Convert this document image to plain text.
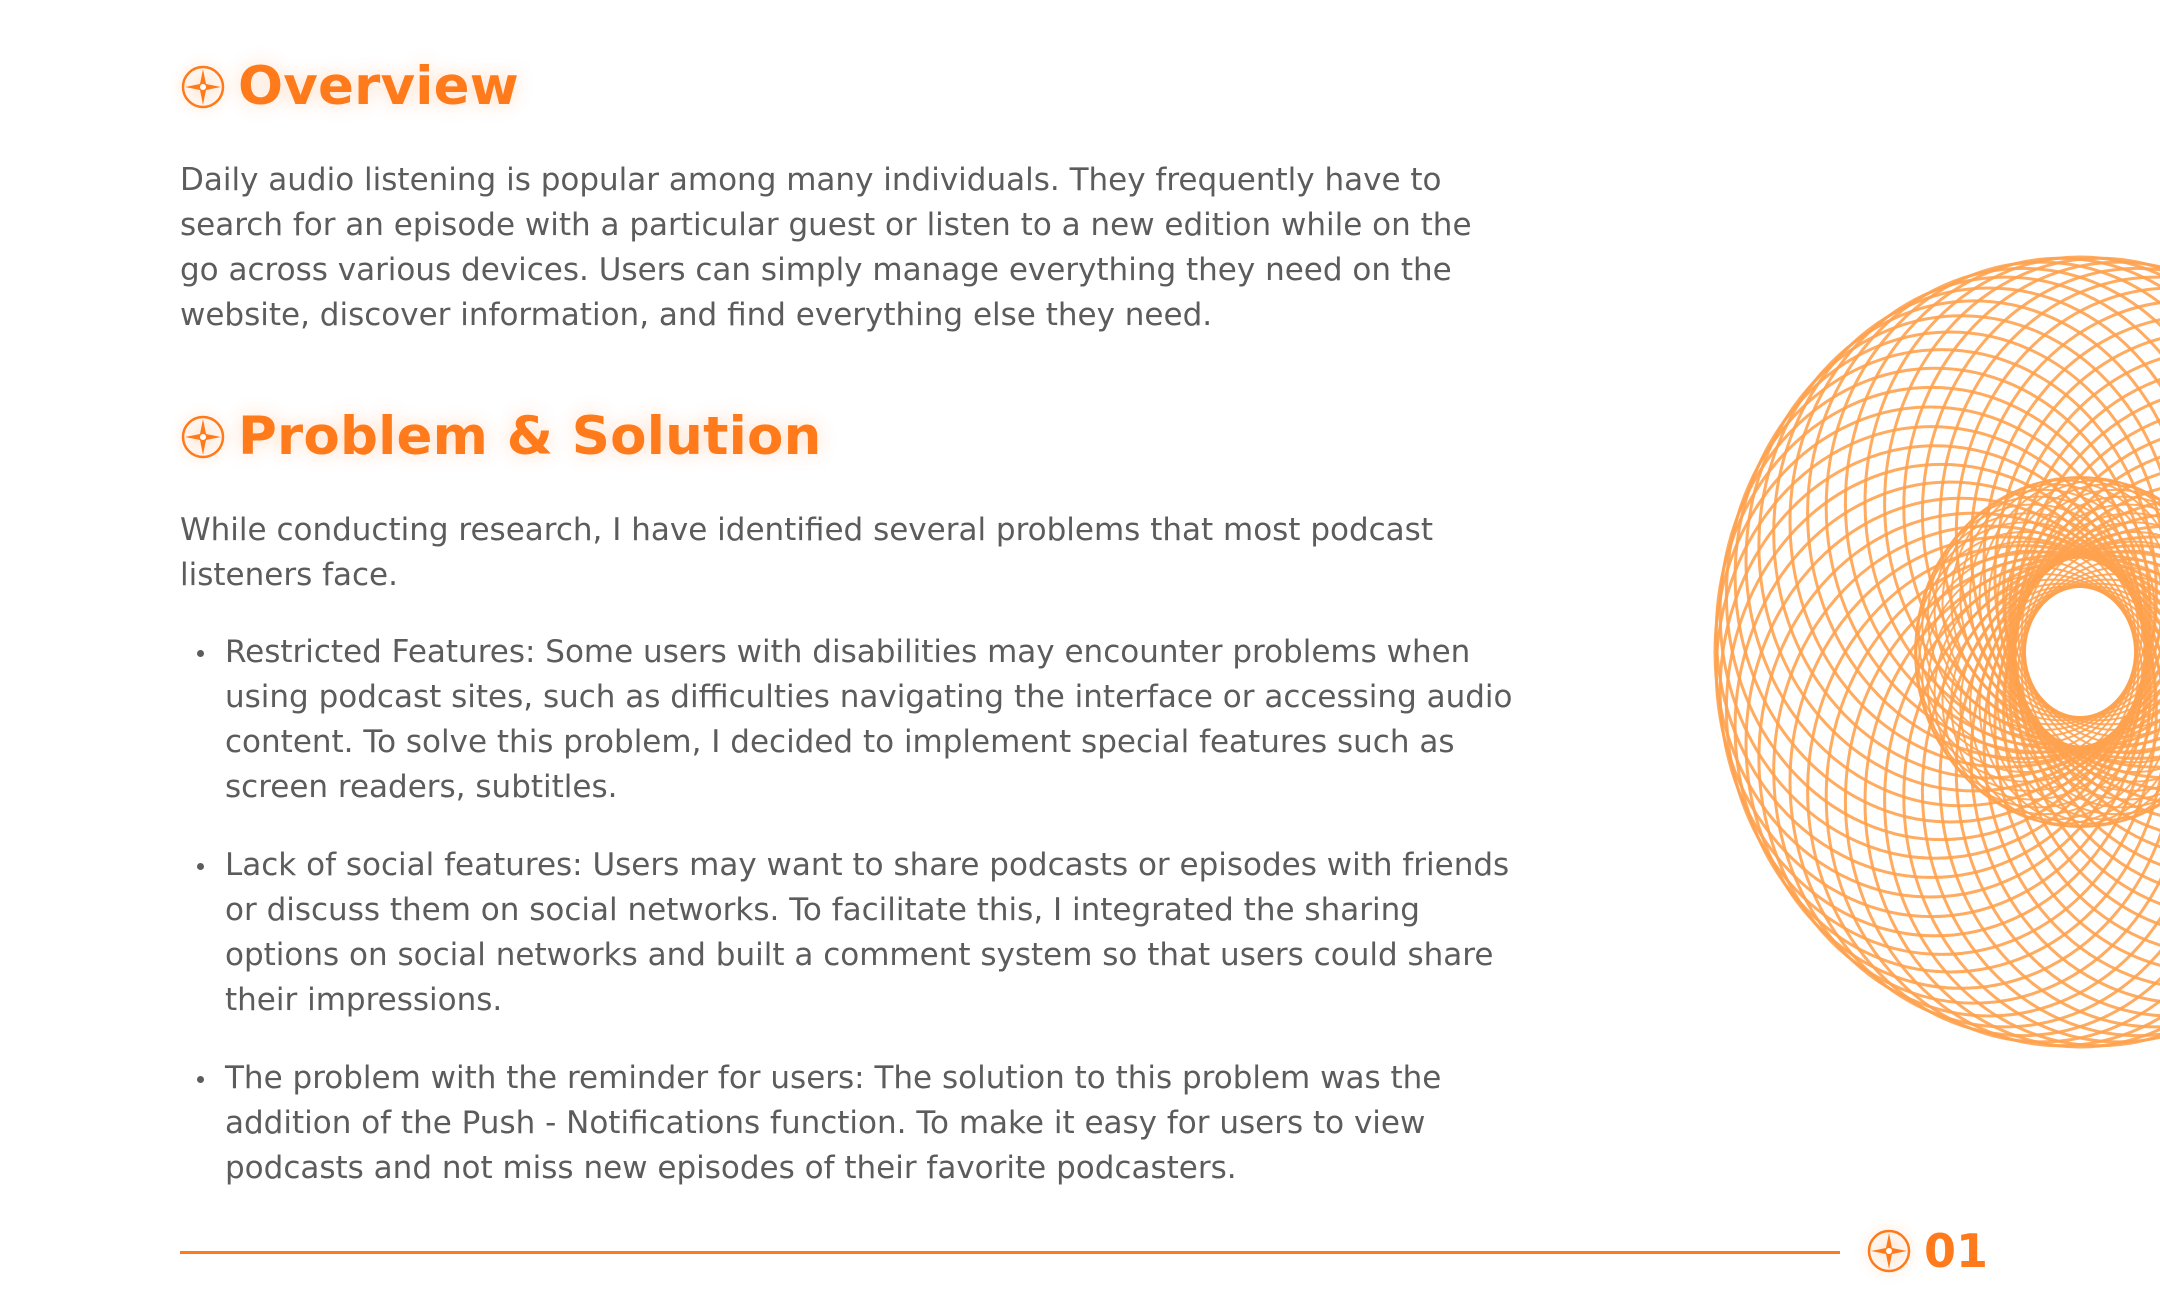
Overview

Daily audio listening is popular among many individuals. They frequently have to search for an episode with a particular guest or listen to a new edition while on the go across various devices. Users can simply manage everything they need on the website, discover information, and find everything else they need.

Problem & Solution

While conducting research, I have identified several problems that most podcast listeners face.

Restricted Features: Some users with disabilities may encounter problems when using podcast sites, such as difficulties navigating the interface or accessing audio content. To solve this problem, I decided to implement special features such as screen readers, subtitles.
Lack of social features: Users may want to share podcasts or episodes with friends or discuss them on social networks. To facilitate this, I integrated the sharing options on social networks and built a comment system so that users could share their impressions.
The problem with the reminder for users: The solution to this problem was the addition of the Push - Notifications function. To make it easy for users to view podcasts and not miss new episodes of their favorite podcasters.
01
